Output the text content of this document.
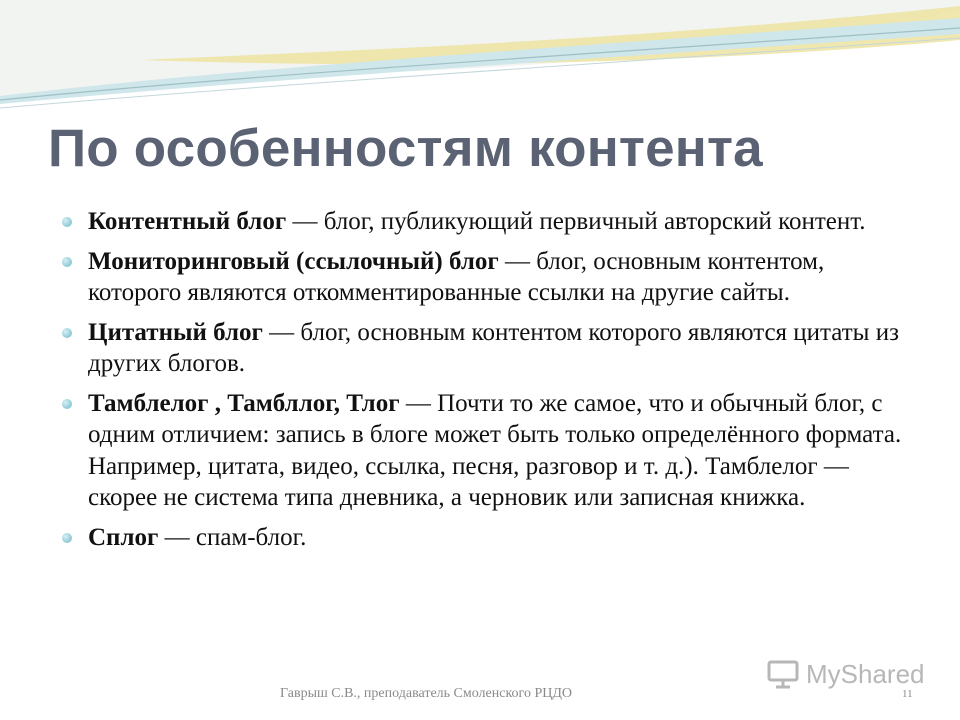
По особенностям контента
Контентный блог — блог, публикующий первичный авторский контент.
Мониторинговый (ссылочный) блог — блог, основным контентом, которого являются откомментированные ссылки на другие сайты.
Цитатный блог — блог, основным контентом которого являются цитаты из других блогов.
Тамблелог , Тамбллог, Тлог — Почти то же самое, что и обычный блог, с одним отличием: запись в блоге может быть только определённого формата. Например, цитата, видео, ссылка, песня, разговор и т. д.). Тамблелог — скорее не система типа дневника, а черновик или записная книжка.
Сплог — спам-блог.
MyShared
Гаврыш С.В., преподаватель Смоленского РЦДО	11
